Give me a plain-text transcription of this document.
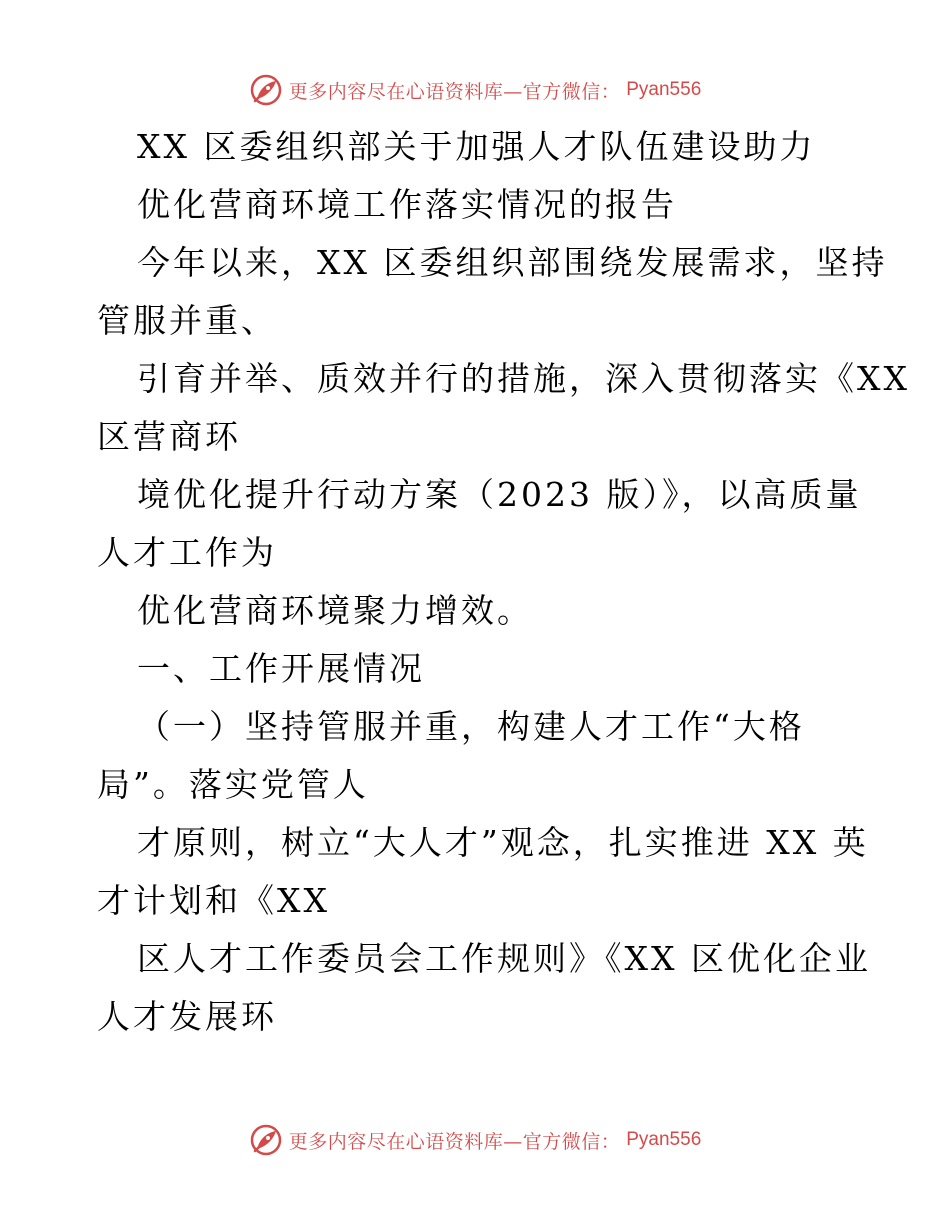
更多内容尽在心语资料库—官方微信： Pyan556
XX 区委组织部关于加强人才队伍建设助力
优化营商环境工作落实情况的报告
今年以来，XX 区委组织部围绕发展需求，坚持
管服并重、
引育并举、质效并行的措施，深入贯彻落实《XX
区营商环
境优化提升行动方案（2023 版）》，以高质量
人才工作为
优化营商环境聚力增效。
一、工作开展情况
（一）坚持管服并重，构建人才工作“大格
局”。落实党管人
才原则，树立“大人才”观念，扎实推进 XX 英
才计划和《XX
区人才工作委员会工作规则》《XX 区优化企业
人才发展环
更多内容尽在心语资料库—官方微信： Pyan556
